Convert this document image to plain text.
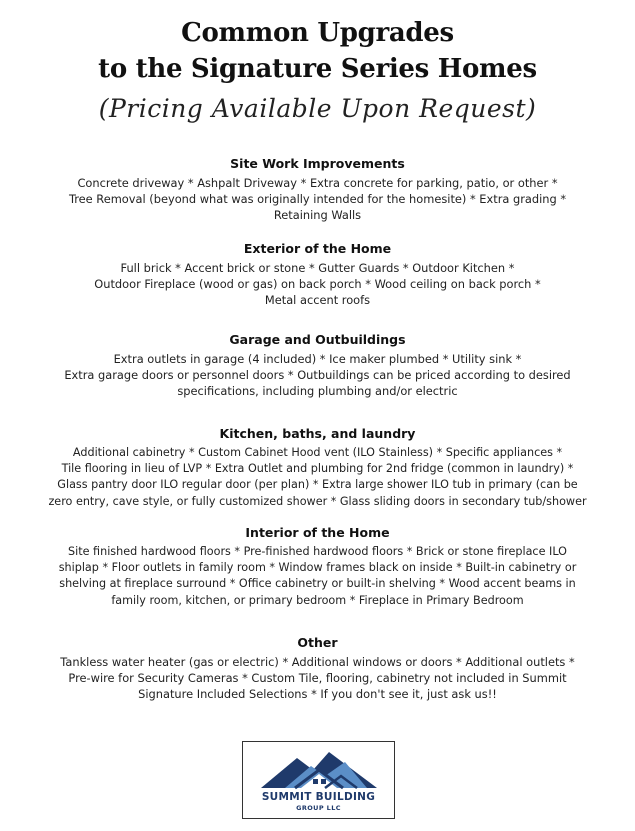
Common Upgrades
to the Signature Series Homes
(Pricing Available Upon Request)
Site Work Improvements

Concrete driveway * Ashpalt Driveway * Extra concrete for parking, patio, or other *
Tree Removal (beyond what was originally intended for the homesite) * Extra grading *
Retaining Walls

Exterior of the Home

Full brick * Accent brick or stone * Gutter Guards * Outdoor Kitchen *
Outdoor Fireplace (wood or gas) on back porch * Wood ceiling on back porch *
Metal accent roofs

Garage and Outbuildings

Extra outlets in garage (4 included) * Ice maker plumbed * Utility sink *
Extra garage doors or personnel doors * Outbuildings can be priced according to desired
specifications, including plumbing and/or electric

Kitchen, baths, and laundry

Additional cabinetry * Custom Cabinet Hood vent (ILO Stainless) * Specific appliances *
Tile flooring in lieu of LVP * Extra Outlet and plumbing for 2nd fridge (common in laundry) *
Glass pantry door ILO regular door (per plan) * Extra large shower ILO tub in primary (can be
zero entry, cave style, or fully customized shower * Glass sliding doors in secondary tub/shower

Interior of the Home

Site finished hardwood floors * Pre-finished hardwood floors * Brick or stone fireplace ILO
shiplap * Floor outlets in family room * Window frames black on inside * Built-in cabinetry or
shelving at fireplace surround * Office cabinetry or built-in shelving * Wood accent beams in
family room, kitchen, or primary bedroom * Fireplace in Primary Bedroom

Other

Tankless water heater (gas or electric) * Additional windows or doors * Additional outlets *
Pre-wire for Security Cameras * Custom Tile, flooring, cabinetry not included in Summit
Signature Included Selections * If you don't see it, just ask us!!

SUMMIT BUILDING
GROUP LLC
